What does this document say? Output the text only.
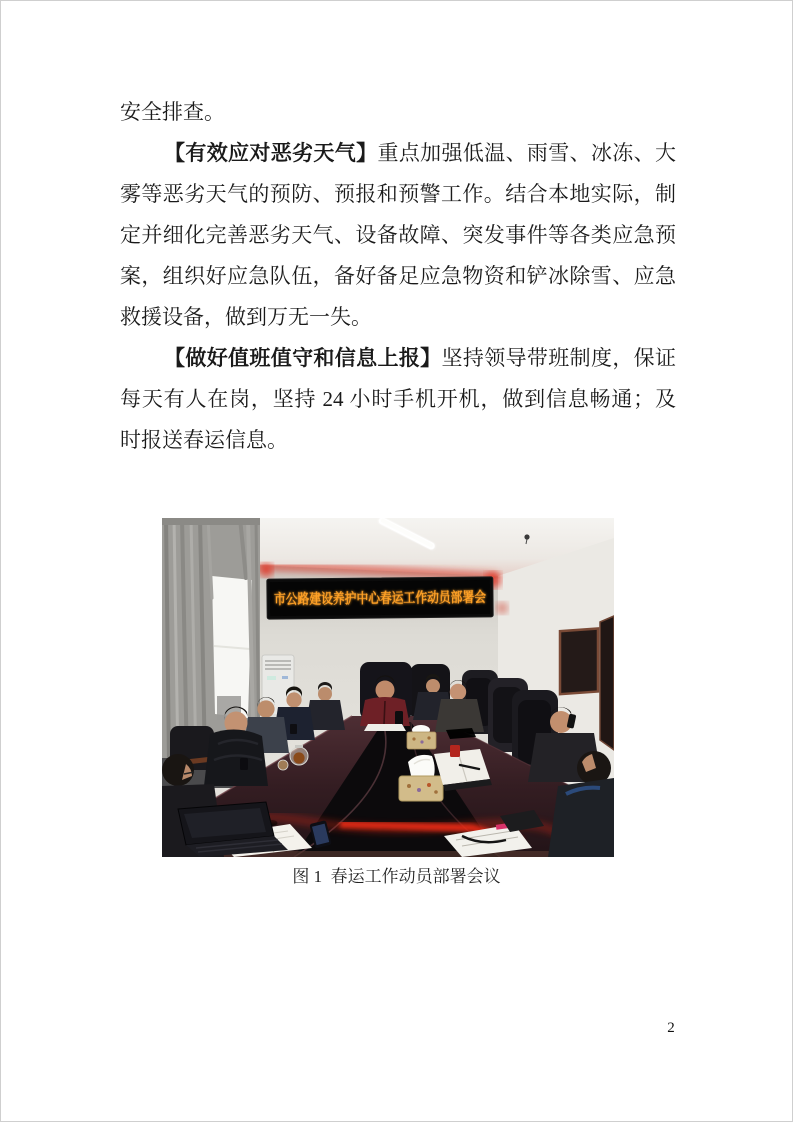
安全排查。
【有效应对恶劣天气】重点加强低温、雨雪、冰冻、大
雾等恶劣天气的预防、预报和预警工作。结合本地实际，制
定并细化完善恶劣天气、设备故障、突发事件等各类应急预
案，组织好应急队伍，备好备足应急物资和铲冰除雪、应急
救援设备，做到万无一失。
【做好值班值守和信息上报】坚持领导带班制度，保证
每天有人在岗，坚持 24 小时手机开机，做到信息畅通；及
时报送春运信息。
市公路建设养护中心春运工作动员部署会
图 1  春运工作动员部署会议
2
